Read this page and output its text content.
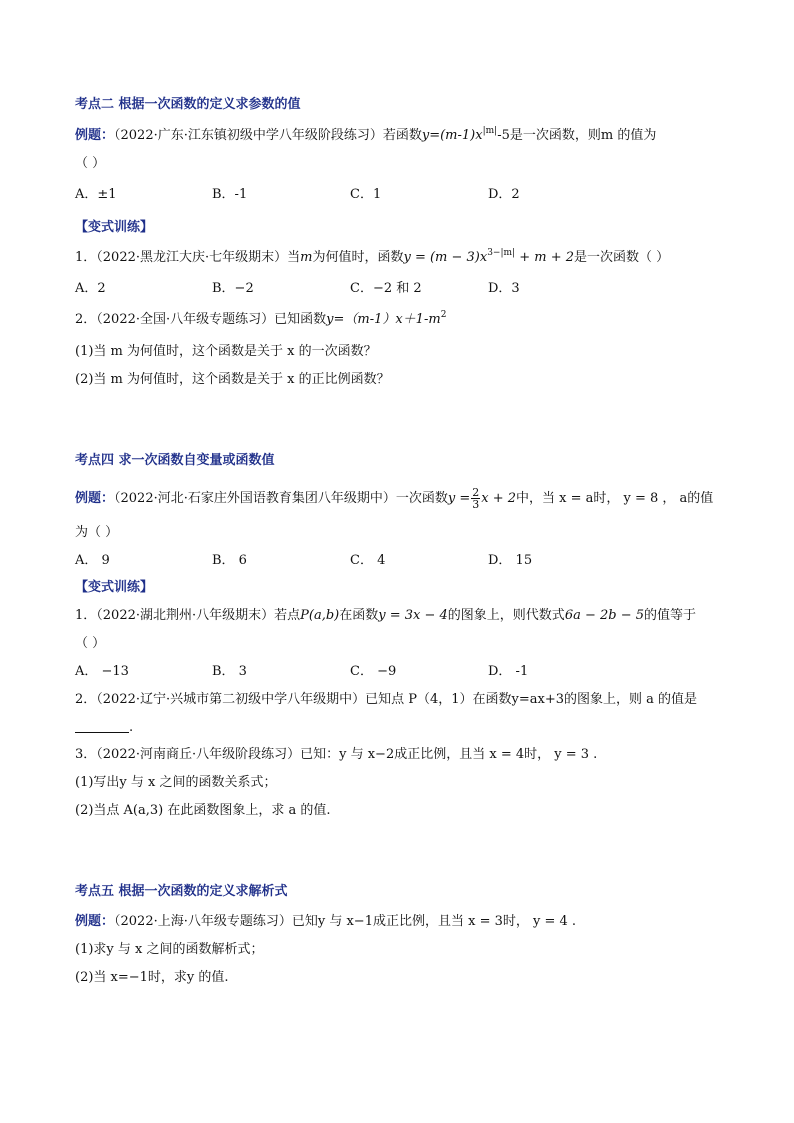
考点二 根据一次函数的定义求参数的值
例题：（2022·广东·江东镇初级中学八年级阶段练习）若函数$y=(m-1)x^{|m|}-5$是一次函数，则m 的值为
（ ）
A．±1	B．-1	C．1	D．2
【变式训练】
1．（2022·黑龙江大庆·七年级期末）当m为何值时，函数$y = (m - 3)x^{3-|m|} + m + 2$是一次函数（ ）
A．2	B．−2	C．−2 和 2	D．3
2．（2022·全国·八年级专题练习）已知函数$y=(m-1)x+1-m^2$
(1)当 m 为何值时，这个函数是关于 x 的一次函数？
(2)当 m 为何值时，这个函数是关于 x 的正比例函数？
考点四 求一次函数自变量或函数值
例题：（2022·河北·石家庄外国语教育集团八年级期中）一次函数$y = \frac{2}{3}$ x + 2中，当 x = a时， y = 8 ， a的值
为（ ）
A． 9	B． 6	C． 4	D． 15
【变式训练】
1．（2022·湖北荆州·八年级期末）若点P(a,b)在函数y = 3x − 4的图象上，则代数式6a − 2b − 5的值等于
（ ）
A． −13	B． 3	C． −9	D． -1
2．（2022·辽宁·兴城市第二初级中学八年级期中）已知点 P（4，1）在函数y=ax+3的图象上，则 a 的值是
.
3．（2022·河南商丘·八年级阶段练习）已知：y 与 x−2成正比例，且当 x = 4时， y = 3 .
(1)写出y 与 x 之间的函数关系式；
(2)当点 A(a,3) 在此函数图象上，求 a 的值.
考点五 根据一次函数的定义求解析式
例题：（2022·上海·八年级专题练习）已知y 与 x−1成正比例，且当 x = 3时， y = 4 .
(1)求y 与 x 之间的函数解析式；
(2)当 x=−1时，求y 的值.
